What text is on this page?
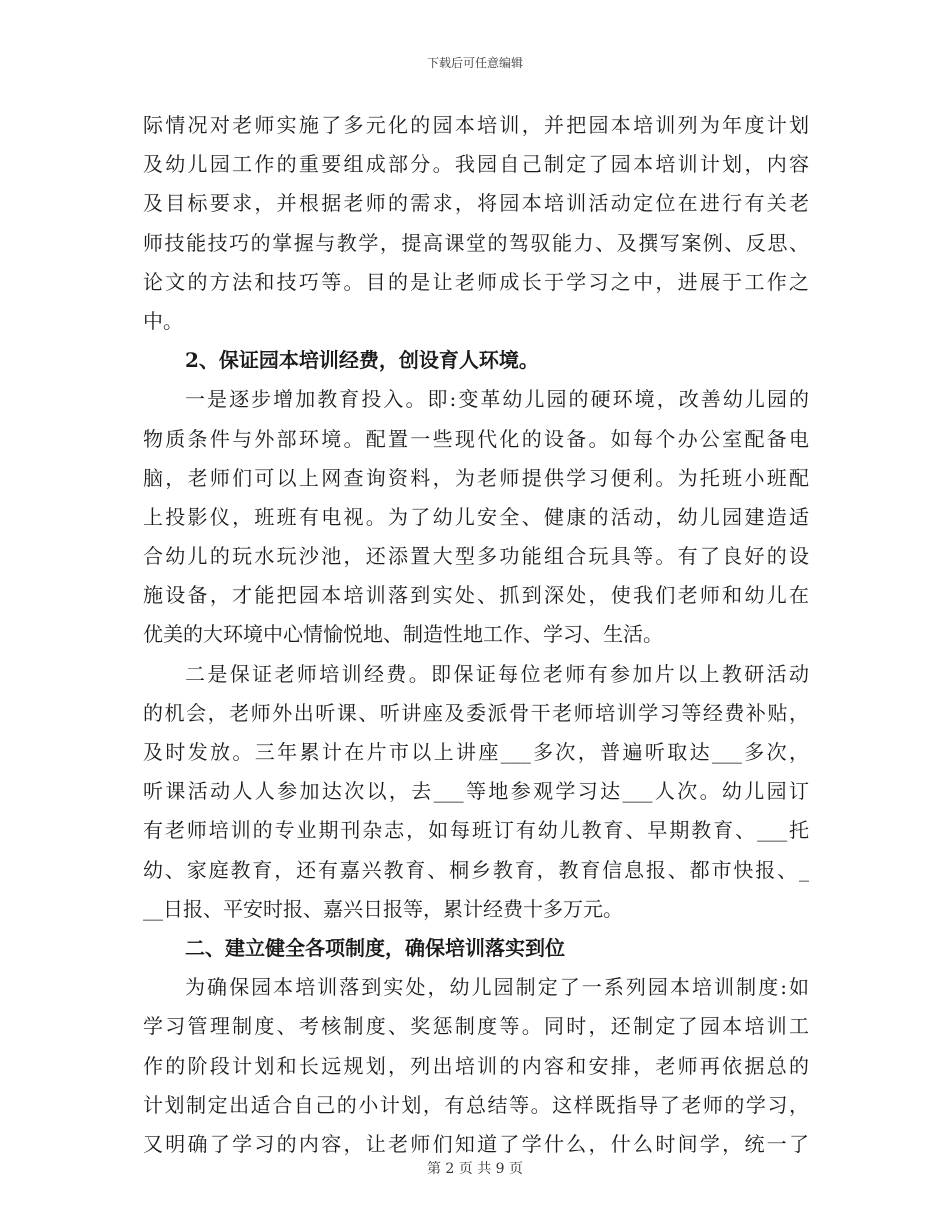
下载后可任意编辑
际情况对老师实施了多元化的园本培训，并把园本培训列为年度计划
及幼儿园工作的重要组成部分。我园自己制定了园本培训计划，内容
及目标要求，并根据老师的需求，将园本培训活动定位在进行有关老
师技能技巧的掌握与教学，提高课堂的驾驭能力、及撰写案例、反思、
论文的方法和技巧等。目的是让老师成长于学习之中，进展于工作之
中。
2、保证园本培训经费，创设育人环境。
一是逐步增加教育投入。即:变革幼儿园的硬环境，改善幼儿园的
物质条件与外部环境。配置一些现代化的设备。如每个办公室配备电
脑，老师们可以上网查询资料，为老师提供学习便利。为托班小班配
上投影仪，班班有电视。为了幼儿安全、健康的活动，幼儿园建造适
合幼儿的玩水玩沙池，还添置大型多功能组合玩具等。有了良好的设
施设备，才能把园本培训落到实处、抓到深处，使我们老师和幼儿在
优美的大环境中心情愉悦地、制造性地工作、学习、生活。
二是保证老师培训经费。即保证每位老师有参加片以上教研活动
的机会，老师外出听课、听讲座及委派骨干老师培训学习等经费补贴，
及时发放。三年累计在片市以上讲座___多次，普遍听取达___多次，
听课活动人人参加达次以，去___等地参观学习达___人次。幼儿园订
有老师培训的专业期刊杂志，如每班订有幼儿教育、早期教育、___托
幼、家庭教育，还有嘉兴教育、桐乡教育，教育信息报、都市快报、_
__日报、平安时报、嘉兴日报等，累计经费十多万元。
二、建立健全各项制度，确保培训落实到位
为确保园本培训落到实处，幼儿园制定了一系列园本培训制度:如
学习管理制度、考核制度、奖惩制度等。同时，还制定了园本培训工
作的阶段计划和长远规划，列出培训的内容和安排，老师再依据总的
计划制定出适合自己的小计划，有总结等。这样既指导了老师的学习，
又明确了学习的内容，让老师们知道了学什么，什么时间学，统一了
第 2 页 共 9 页
